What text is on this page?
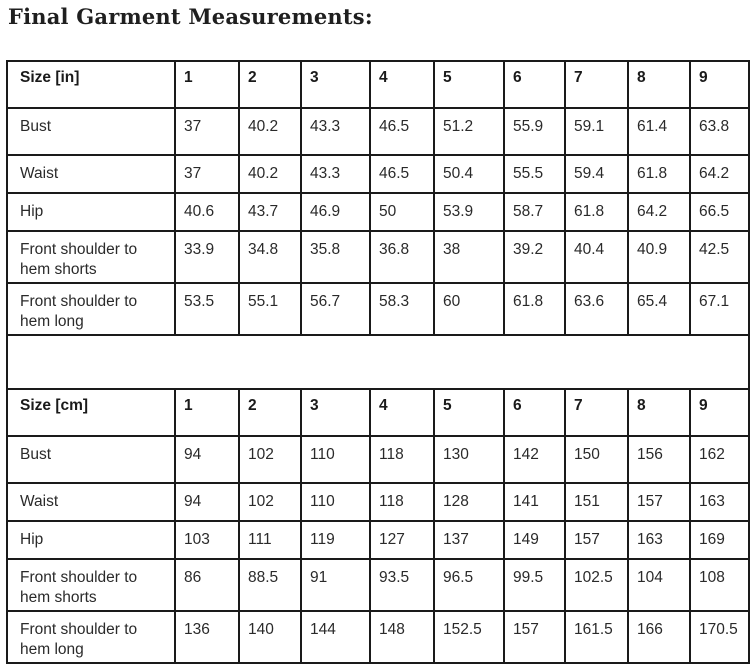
Final Garment Measurements:
Size [in]	1	2	3	4	5	6	7	8	9
Bust	37	40.2	43.3	46.5	51.2	55.9	59.1	61.4	63.8
Waist	37	40.2	43.3	46.5	50.4	55.5	59.4	61.8	64.2
Hip	40.6	43.7	46.9	50	53.9	58.7	61.8	64.2	66.5
Front shoulder to
hem shorts	33.9	34.8	35.8	36.8	38	39.2	40.4	40.9	42.5
Front shoulder to
hem long	53.5	55.1	56.7	58.3	60	61.8	63.6	65.4	67.1

Size [cm]	1	2	3	4	5	6	7	8	9
Bust	94	102	110	118	130	142	150	156	162
Waist	94	102	110	118	128	141	151	157	163
Hip	103	111	119	127	137	149	157	163	169
Front shoulder to
hem shorts	86	88.5	91	93.5	96.5	99.5	102.5	104	108
Front shoulder to
hem long	136	140	144	148	152.5	157	161.5	166	170.5
